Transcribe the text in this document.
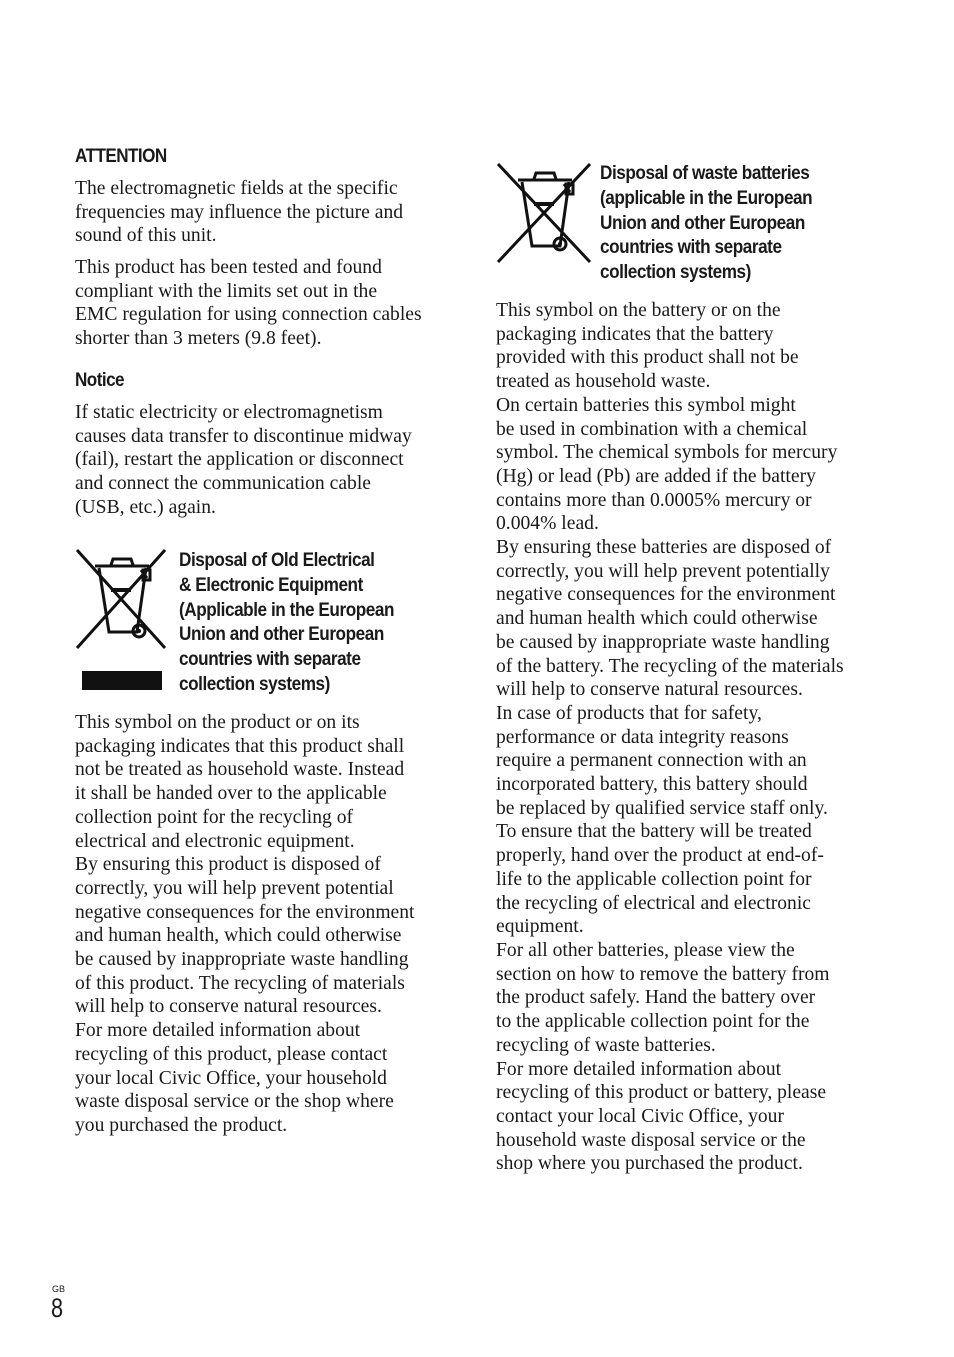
ATTENTION

The electromagnetic fields at the specific

frequencies may influence the picture and

sound of this unit.

This product has been tested and found

compliant with the limits set out in the

EMC regulation for using connection cables

shorter than 3 meters (9.8 feet).

Notice

If static electricity or electromagnetism

causes data transfer to discontinue midway

(fail), restart the application or disconnect

and connect the communication cable

(USB, etc.) again.

Disposal of Old Electrical

& Electronic Equipment

(Applicable in the European

Union and other European

countries with separate

collection systems)

This symbol on the product or on its

packaging indicates that this product shall

not be treated as household waste. Instead

it shall be handed over to the applicable

collection point for the recycling of

electrical and electronic equipment.

By ensuring this product is disposed of

correctly, you will help prevent potential

negative consequences for the environment

and human health, which could otherwise

be caused by inappropriate waste handling

of this product. The recycling of materials

will help to conserve natural resources.

For more detailed information about

recycling of this product, please contact

your local Civic Office, your household

waste disposal service or the shop where

you purchased the product.

Disposal of waste batteries

(applicable in the European

Union and other European

countries with separate

collection systems)

This symbol on the battery or on the

packaging indicates that the battery

provided with this product shall not be

treated as household waste.

On certain batteries this symbol might

be used in combination with a chemical

symbol. The chemical symbols for mercury

(Hg) or lead (Pb) are added if the battery

contains more than 0.0005% mercury or

0.004% lead.

By ensuring these batteries are disposed of

correctly, you will help prevent potentially

negative consequences for the environment

and human health which could otherwise

be caused by inappropriate waste handling

of the battery. The recycling of the materials

will help to conserve natural resources.

In case of products that for safety,

performance or data integrity reasons

require a permanent connection with an

incorporated battery, this battery should

be replaced by qualified service staff only.

To ensure that the battery will be treated

properly, hand over the product at end-of-

life to the applicable collection point for

the recycling of electrical and electronic

equipment.

For all other batteries, please view the

section on how to remove the battery from

the product safely. Hand the battery over

to the applicable collection point for the

recycling of waste batteries.

For more detailed information about

recycling of this product or battery, please

contact your local Civic Office, your

household waste disposal service or the

shop where you purchased the product.

GB
8
